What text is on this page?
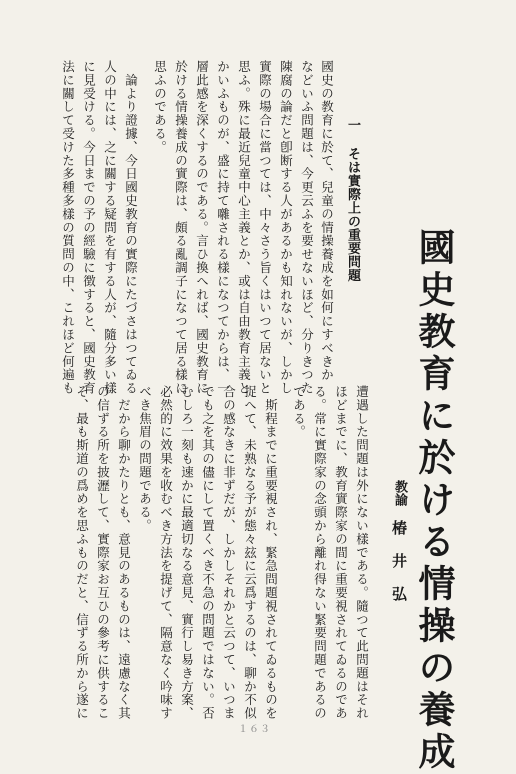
國史教育に於ける情操の養成
教諭椿 井 弘
一 そは實際上の重要問題
國史の教育に於て、兒童の情操養成を如何にすべきか
などいふ問題は、今更云ふを要せないほど、分りきつた
陳腐の論だと卽断する人があるかも知れないが、しかし
實際の場合に當つては、中々さう旨くはいつて居ないと
思ふ。殊に最近兒童中心主義とか、或は自由教育主義と
かいふものが、盛に持て囃される樣になつてからは、一
層此感を深くするのである。言ひ換へれば、國史教育に
於ける情操養成の實際は、頗る亂調子になつて居る樣に
思ふのである。
　論より證據、今日國史教育の實際にたづさはつてゐる
人の中には、之に關する疑問を有する人が、隨分多い樣
に見受ける。今日までの予の經驗に徴すると、國史教育
法に關して受けた多種多樣の質問の中、これほど何遍も
遭遇した問題は外にない樣である。隨つて此問題はそれ
ほどまでに、教育實際家の間に重要視されてゐるのであ
る。常に實際家の念頭から離れ得ない緊要問題であるの
である。
　斯程までに重要視され、緊急問題視されてゐるものを
捉へて、未熟なる予が態々玆に云爲するのは、聊か不似
合の感なきに非ずだが、しかしそれかと云つて、いつま
でも之を其の儘にして置くべき不急の問題ではない。否
むしろ一刻も速かに最適切なる意見、實行し易き方案、
必然的に效果を收むべき方法を提げて、隔意なく吟味す
べき焦眉の問題である。
　だから聊かたりとも、意見のあるものは、遠慮なく其
の信ずる所を披瀝して、實際家お互ひの參考に供するこ
そ、最も斯道の爲めを思ふものだと、信ずる所から遂に
１６３
